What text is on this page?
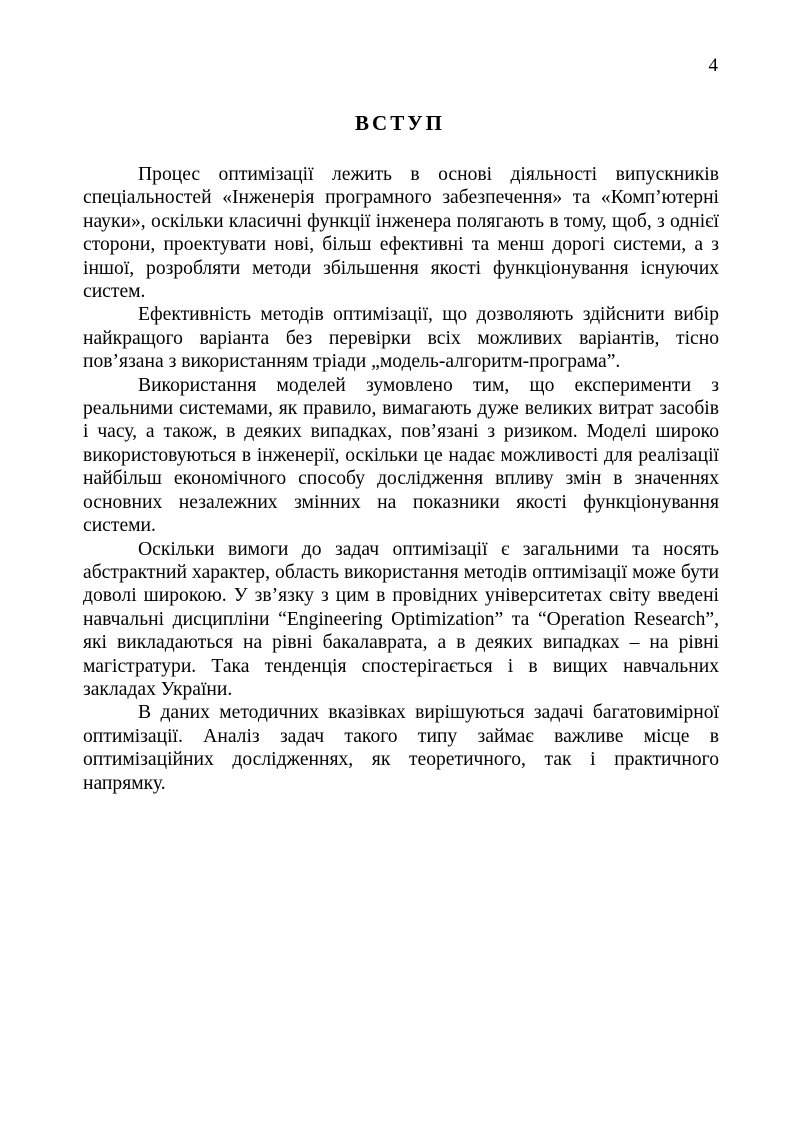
4
ВСТУП

Процес оптимізації лежить в основі діяльності випускників спеціальностей «Інженерія програмного забезпечення» та «Комп’ютерні науки», оскільки класичні функції інженера полягають в тому, щоб, з однієї сторони, проектувати нові, більш ефективні та менш дорогі системи, а з іншої, розробляти методи збільшення якості функціонування існуючих систем.

Ефективність методів оптимізації, що дозволяють здійснити вибір найкращого варіанта без перевірки всіх можливих варіантів, тісно пов’язана з використанням тріади „модель-алгоритм-програма”.

Використання моделей зумовлено тим, що експерименти з реальними системами, як правило, вимагають дуже великих витрат засобів і часу, а також, в деяких випадках, пов’язані з ризиком. Моделі широко використовуються в інженерії, оскільки це надає можливості для реалізації найбільш економічного способу дослідження впливу змін в значеннях основних незалежних змінних на показники якості функціонування системи.

Оскільки вимоги до задач оптимізації є загальними та носять абстрактний характер, область використання методів оптимізації може бути доволі широкою. У зв’язку з цим в провідних університетах світу введені навчальні дисципліни “Engineering Optimization” та “Operation Research”, які викладаються на рівні бакалаврата, а в деяких випадках – на рівні магістратури. Така тенденція спостерігається і в вищих навчальних закладах України.

В даних методичних вказівках вирішуються задачі багатовимірної оптимізації. Аналіз задач такого типу займає важливе місце в оптимізаційних дослідженнях, як теоретичного, так і практичного напрямку.
